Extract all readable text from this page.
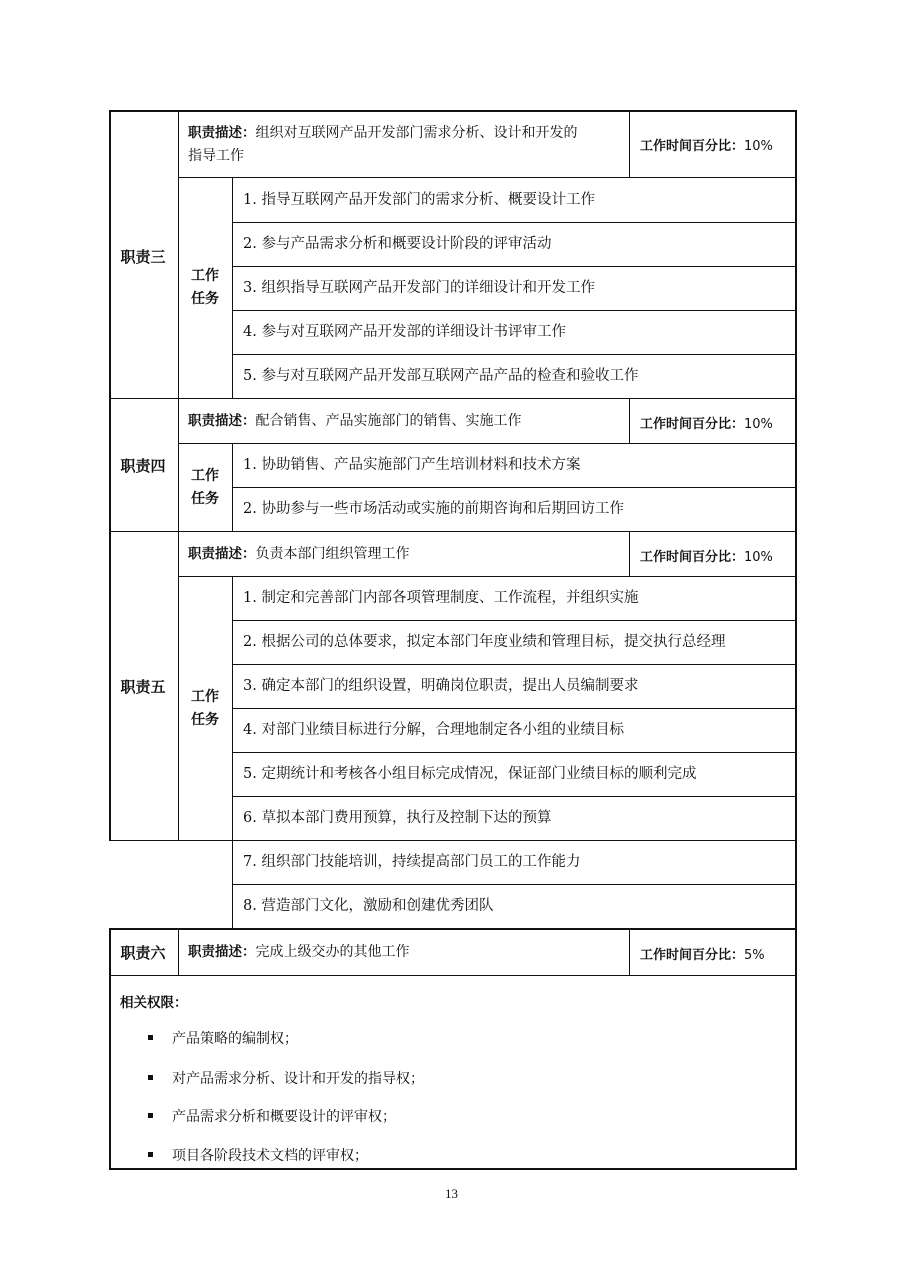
职责三
职责描述：组织对互联网产品开发部门需求分析、设计和开发的
指导工作
工作时间百分比：10%
工作
任务
1. 指导互联网产品开发部门的需求分析、概要设计工作
2. 参与产品需求分析和概要设计阶段的评审活动
3. 组织指导互联网产品开发部门的详细设计和开发工作
4. 参与对互联网产品开发部的详细设计书评审工作
5. 参与对互联网产品开发部互联网产品产品的检查和验收工作
职责四
职责描述：配合销售、产品实施部门的销售、实施工作	工作时间百分比：10%
工作
任务
1. 协助销售、产品实施部门产生培训材料和技术方案
2. 协助参与一些市场活动或实施的前期咨询和后期回访工作
职责五
职责描述：负责本部门组织管理工作	工作时间百分比：10%
工作
任务
1. 制定和完善部门内部各项管理制度、工作流程，并组织实施
2. 根据公司的总体要求，拟定本部门年度业绩和管理目标，提交执行总经理
3. 确定本部门的组织设置，明确岗位职责，提出人员编制要求
4. 对部门业绩目标进行分解，合理地制定各小组的业绩目标
5. 定期统计和考核各小组目标完成情况，保证部门业绩目标的顺利完成
6. 草拟本部门费用预算，执行及控制下达的预算
7. 组织部门技能培训，持续提高部门员工的工作能力
8. 营造部门文化，激励和创建优秀团队
职责六	职责描述：完成上级交办的其他工作	工作时间百分比：5%
相关权限：
产品策略的编制权；
对产品需求分析、设计和开发的指导权；
产品需求分析和概要设计的评审权；
项目各阶段技术文档的评审权；
13
